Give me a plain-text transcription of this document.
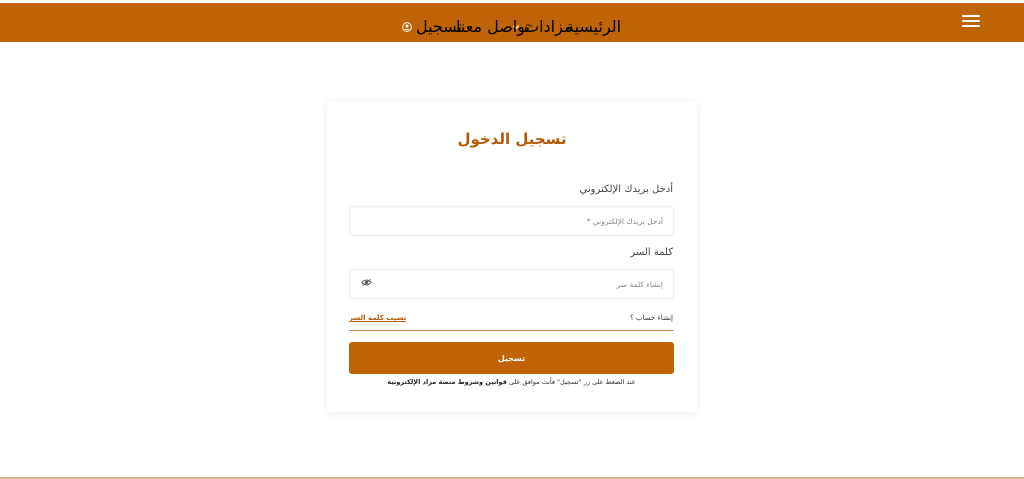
الرئيسية
مزادات
تواصل معنا
تسجيل
تسجيل الدخول
أدخل بريدك الإلكتروني
أدخل بريدك الإلكتروني *
كلمة السر
إنشاء حساب ؟
نسيت كلمة السر
تسجيل
عند الضغط على زر "تسجيل" فأنت موافق على قوانين وشروط منصة مزاد الإلكترونية
